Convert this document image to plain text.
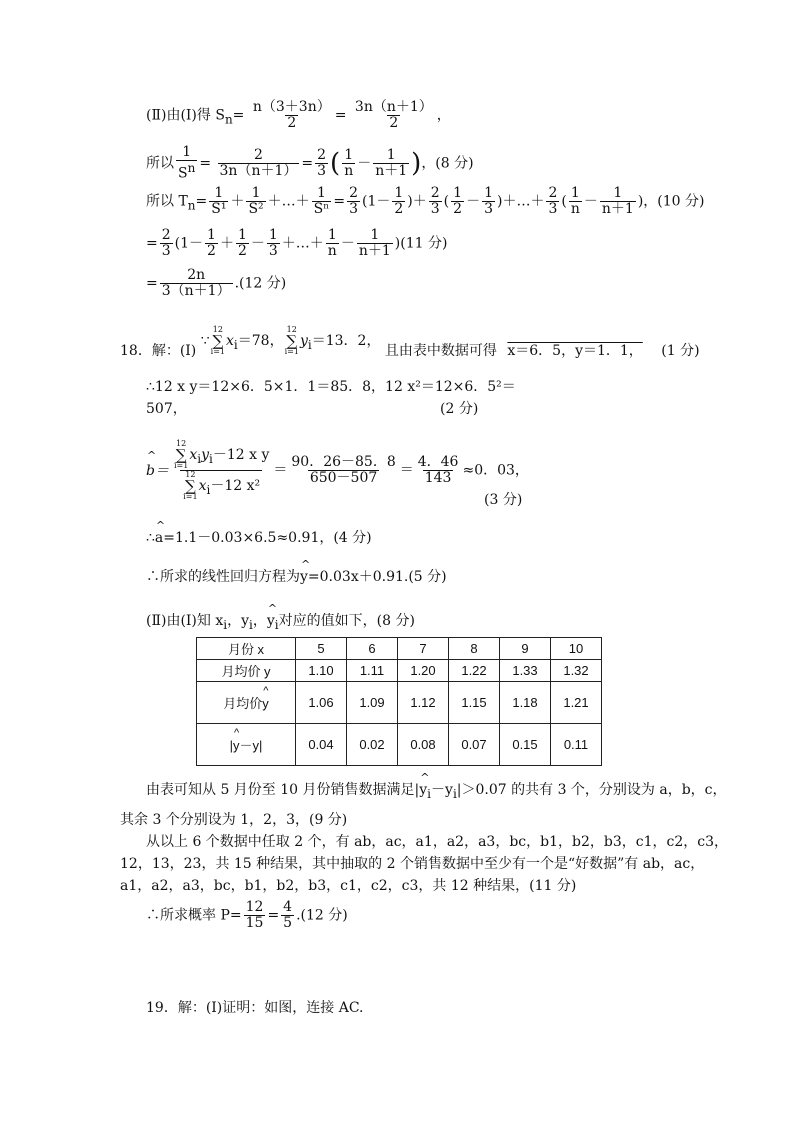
(Ⅱ)由(Ⅰ)得 $S_n= \frac{n(3+3n)}{2} = \frac{3n(n+1)}{2}$ ，
所以 $\frac{1}{S^n} = \frac{2}{3n(n+1)} = \frac{2}{3}$ ( $\frac{1}{n} - \frac{1}{n+1}$ )，(8 分)
所以 $T_n= \frac{1}{\text{S¹}} + \frac{1}{\text{S²}}$ ＋…＋ $\frac{1}{\text{Sⁿ}} = \frac{2}{3} (1- \frac{1}{2}$ )＋ $\frac{2}{3}$ ( $\frac{1}{2} - \frac{1}{3}$ )＋…＋ $\frac{2}{3}$ ( $\frac{1}{n} - \frac{1}{n+1}$ )，(10 分)
= $\frac{2}{3} (1- \frac{1}{2} + \frac{1}{2} - \frac{1}{3}$ ＋…＋ $\frac{1}{n} - \frac{1}{n+1} )(11$ 分)
= $\frac{2n}{3(n+1)} .(12$ 分)
18．解：(Ⅰ) ∵
12
∑
i=1
$x_i=78$，
12
∑
i=1
$y_i=13$．2， 且由表中数据可得 x＝6．5，y＝1．1， (1 分)
∴12 x y＝12×6．5×1．1＝85．8，12 x²＝12×6．5²＝
507，	(2 分)
^ b＝ 12
∑
i=1
$x_iy_i-12$ x y
12
∑
i=1
$x_i-12$ $x^2 = \frac{90.26-85.8}{650-507} = \frac{4.46}{143} \approx 0$．03，
(3 分)
∴^ a=1.1－0.03×6.5≈0.91，(4 分)
∴所求的线性回归方程为^ y=0.03x＋0.91.(5 分)
(Ⅱ)由(Ⅰ)知 $x_i$，$y_i$，^ $y_i$对应的值如下，(8 分)
月份 x	5	6	7	8	9	10
月均价 y	1.10	1.11	1.20	1.22	1.33	1.32
月均价^ y	1.06	1.09	1.12	1.15	1.18	1.21
|^ y－y|	0.04	0.02	0.08	0.07	0.15	0.11
由表可知从 5 月份至 10 月份销售数据满足|^ $y_i-y_i|>0.07$ 的共有 3 个，分别设为 a，b，c，
其余 3 个分别设为 1，2，3，(9 分)
从以上 6 个数据中任取 2 个，有 ab，ac，a1，a2，a3，bc，b1，b2，b3，c1，c2，c3，
12，13，23，共 15 种结果，其中抽取的 2 个销售数据中至少有一个是“好数据”有 ab，ac，
a1，a2，a3，bc，b1，b2，b3，c1，c2，c3，共 12 种结果，(11 分)
∴所求概率 $P= \frac{12}{15} = \frac{4}{5} .(12$ 分)
19．解：(Ⅰ)证明：如图，连接 AC.
